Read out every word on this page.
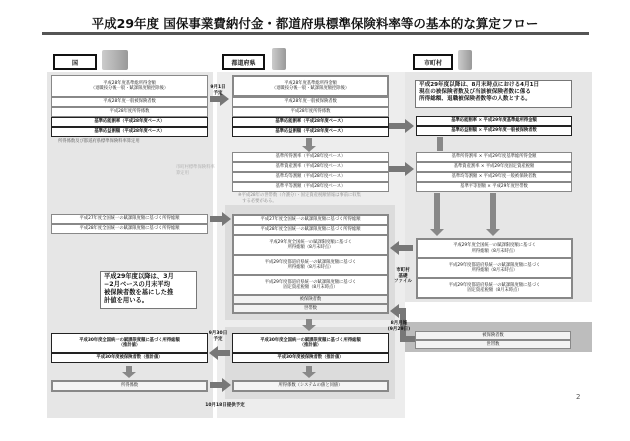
平成29年度 国保事業費納付金・都道府県標準保険料率等の基本的な算定フロー
国	都道府県	市町村
平成28年度基準総所得金額
（退職按分後一般・賦課限度額控除後）
平成28年度一般被保険者数
平成28年度所得係数
基準応能割率（平成28年度ベース）
基準応益割額（平成28年度ベース）
所得係数及び都道府県標準保険料率算定用
平成28年度基準総所得金額
（退職按分後一般・賦課限度額控除後）
平成28年度一般被保険者数
平成28年度所得係数
基準応能割率（平成28年度ベース）
基準応益割額（平成28年度ベース）
市町村標準保険料率
算定用
基準所得割率（平成28年度ベース）
基準資産割率（平成28年度ベース）
基準均等割額（平成28年度ベース）
基準平等割額（平成28年度ベース）
※平成28年の世帯数（介護分）・固定資産税額情報は事前に収集
　する必要がある。
平成29年度以降は、8月末時点における4月1日
現在の被保険者数及び当該被保険者数に係る
所得総額、退職被保険者数等の人数とする。
基準応能割率 × 平成29年度基準総所得金額
基準応益割額 × 平成29年度一般被保険者数
基準所得割率 × 平成29年度基準総所得金額
基準資産割率 × 平成29年度固定資産税額
基準均等割額 × 平成29年度一般被保険者数
基準平等割額 × 平成29年度世帯数
平成29年度全国統一の賦課限度額に基づく
所得総額（8月末時点）
平成29年度都道府県統一の賦課限度額に基づく
所得総額（8月末時点）
平成29年度都道府県統一の賦課限度額に基づく
固定資産税額（8月末時点）
平成27年度全国統一の賦課限度額に基づく所得総額
平成28年度全国統一の賦課限度額に基づく所得総額
平成29年度以降は、3月
−2月ベースの月末平均
被保険者数を基にした推
計値を用いる。
平成27年度全国統一の賦課限度額に基づく所得総額
平成28年度全国統一の賦課限度額に基づく所得総額
平成29年度全国統一の賦課限度額に基づく
所得総額（8月末時点）
平成29年度都道府県統一の賦課限度額に基づく
所得総額（8月末時点）
平成29年度都道府県統一の賦課限度額に基づく
固定資産税額（8月末時点）
被保険者数
世帯数
被保険者数
世帯数
平成30年度全国統一の賦課限度額に基づく所得総額
（推計値）
平成30年度被保険者数（推計値）
所得係数
平成30年度全国統一の賦課限度額に基づく所得総額
（推計値）
平成30年度被保険者数（推計値）
所得係数（システムの値と同値）
9月1日
予定
市町村
基礎
ファイル
8月月報
(9月29日)
9月30日
予定
10月18日提供予定
2
